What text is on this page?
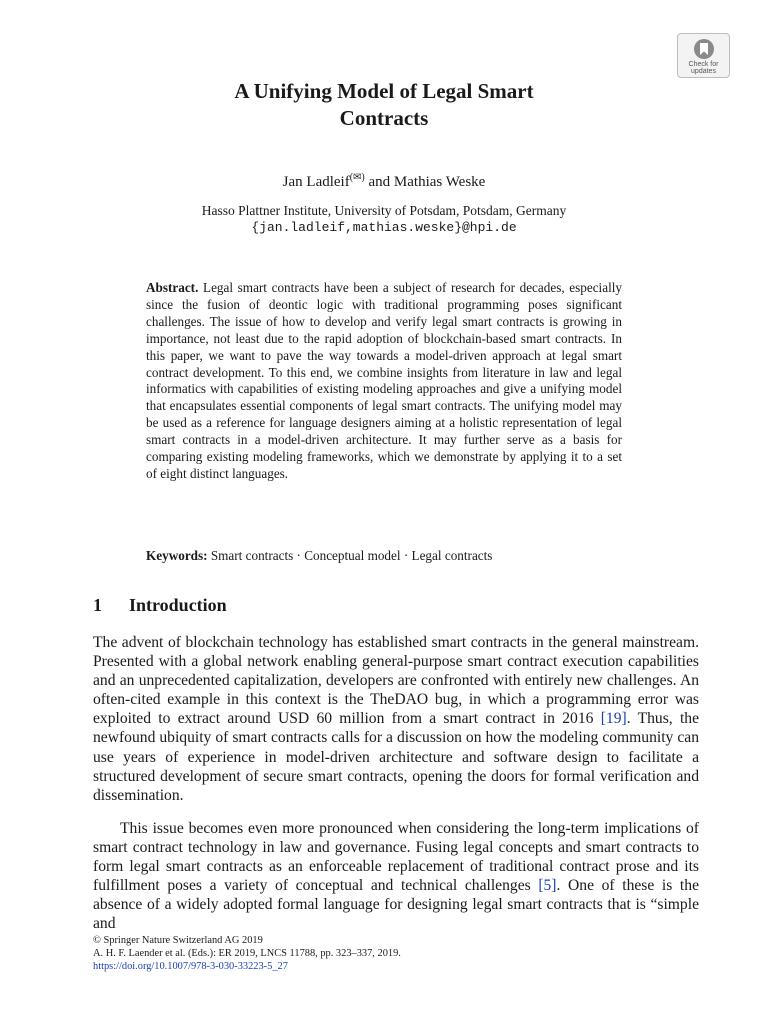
Check for
updates
A Unifying Model of Legal Smart
Contracts
Jan Ladleif(✉) and Mathias Weske
Hasso Plattner Institute, University of Potsdam, Potsdam, Germany
{jan.ladleif,mathias.weske}@hpi.de

Abstract. Legal smart contracts have been a subject of research for decades, especially since the fusion of deontic logic with traditional programming poses significant challenges. The issue of how to develop and verify legal smart contracts is growing in importance, not least due to the rapid adoption of blockchain-based smart contracts. In this paper, we want to pave the way towards a model-driven approach at legal smart contract development. To this end, we combine insights from literature in law and legal informatics with capabilities of existing modeling approaches and give a unifying model that encapsulates essential components of legal smart contracts. The unifying model may be used as a reference for language designers aiming at a holistic representation of legal smart contracts in a model-driven architecture. It may further serve as a basis for comparing existing modeling frameworks, which we demonstrate by applying it to a set of eight distinct languages.

Keywords: Smart contracts · Conceptual model · Legal contracts
1 Introduction
The advent of blockchain technology has established smart contracts in the general mainstream. Presented with a global network enabling general-purpose smart contract execution capabilities and an unprecedented capitalization, developers are confronted with entirely new challenges. An often-cited example in this context is the TheDAO bug, in which a programming error was exploited to extract around USD 60 million from a smart contract in 2016 [19]. Thus, the newfound ubiquity of smart contracts calls for a discussion on how the modeling community can use years of experience in model-driven architecture and software design to facilitate a structured development of secure smart contracts, opening the doors for formal verification and dissemination.
This issue becomes even more pronounced when considering the long-term implications of smart contract technology in law and governance. Fusing legal concepts and smart contracts to form legal smart contracts as an enforceable replacement of traditional contract prose and its fulfillment poses a variety of conceptual and technical challenges [5]. One of these is the absence of a widely adopted formal language for designing legal smart contracts that is “simple and
© Springer Nature Switzerland AG 2019
A. H. F. Laender et al. (Eds.): ER 2019, LNCS 11788, pp. 323–337, 2019.
https://doi.org/10.1007/978-3-030-33223-5_27
